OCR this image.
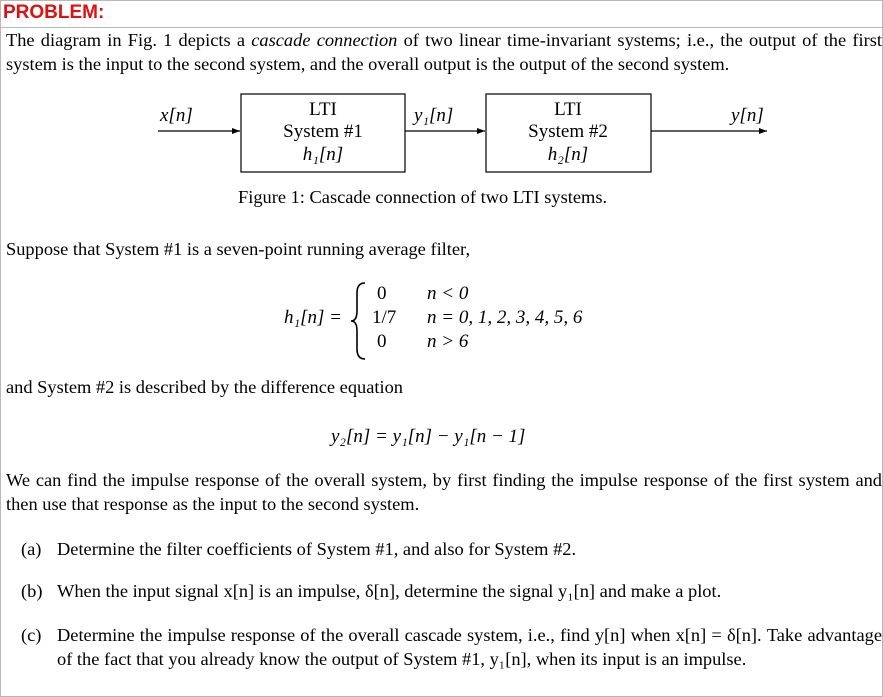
PROBLEM:
The diagram in Fig. 1 depicts a cascade connection of two linear time-invariant systems; i.e., the output of the first system is the input to the second system, and the overall output is the output of the second system.
x[n]	y₁[n]	y[n]
LTI
System #1
h₁[n]
LTI
System #2
h₂[n]
Figure 1: Cascade connection of two LTI systems.
Suppose that System #1 is a seven-point running average filter,
h₁[n] =
0 n < 0
1/7 n = 0, 1, 2, 3, 4, 5, 6
0 n > 6
and System #2 is described by the difference equation
y₂[n] = y₁[n] − y₁[n − 1]
We can find the impulse response of the overall system, by first finding the impulse response of the first system and then use that response as the input to the second system.
(a) Determine the filter coefficients of System #1, and also for System #2.
(b) When the input signal x[n] is an impulse, δ[n], determine the signal y₁[n] and make a plot.
(c) Determine the impulse response of the overall cascade system, i.e., find y[n] when x[n] = δ[n]. Take advantage of the fact that you already know the output of System #1, y₁[n], when its input is an impulse.
